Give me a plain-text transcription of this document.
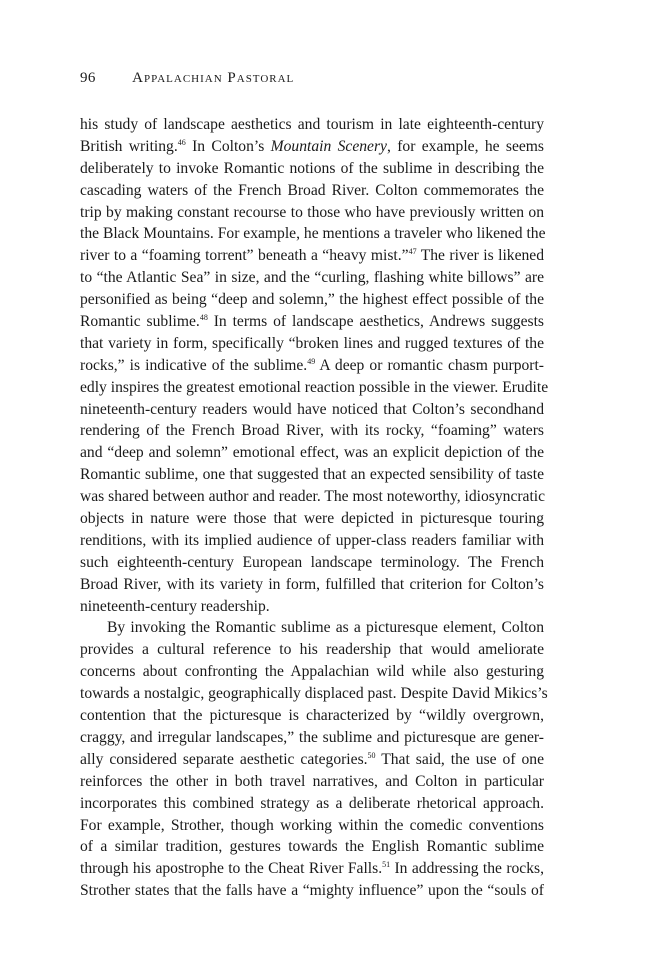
96 Appalachian Pastoral
his study of landscape aesthetics and tourism in late eighteenth-century
British writing.$^{46}$ In Colton’s Mountain Scenery, for example, he seems
deliberately to invoke Romantic notions of the sublime in describing the
cascading waters of the French Broad River. Colton commemorates the
trip by making constant recourse to those who have previously written on
the Black Mountains. For example, he mentions a traveler who likened the
river to a “foaming torrent” beneath a “heavy mist.”$^{47}$ The river is likened
to “the Atlantic Sea” in size, and the “curling, flashing white billows” are
personified as being “deep and solemn,” the highest effect possible of the
Romantic sublime.$^{48}$ In terms of landscape aesthetics, Andrews suggests
that variety in form, specifically “broken lines and rugged textures of the
rocks,” is indicative of the sublime.$^{49}$ A deep or romantic chasm purport-
edly inspires the greatest emotional reaction possible in the viewer. Erudite
nineteenth-century readers would have noticed that Colton’s secondhand
rendering of the French Broad River, with its rocky, “foaming” waters
and “deep and solemn” emotional effect, was an explicit depiction of the
Romantic sublime, one that suggested that an expected sensibility of taste
was shared between author and reader. The most noteworthy, idiosyncratic
objects in nature were those that were depicted in picturesque touring
renditions, with its implied audience of upper-class readers familiar with
such eighteenth-century European landscape terminology. The French
Broad River, with its variety in form, fulfilled that criterion for Colton’s
nineteenth-century readership.
By invoking the Romantic sublime as a picturesque element, Colton
provides a cultural reference to his readership that would ameliorate
concerns about confronting the Appalachian wild while also gesturing
towards a nostalgic, geographically displaced past. Despite David Mikics’s
contention that the picturesque is characterized by “wildly overgrown,
craggy, and irregular landscapes,” the sublime and picturesque are gener-
ally considered separate aesthetic categories.$^{50}$ That said, the use of one
reinforces the other in both travel narratives, and Colton in particular
incorporates this combined strategy as a deliberate rhetorical approach.
For example, Strother, though working within the comedic conventions
of a similar tradition, gestures towards the English Romantic sublime
through his apostrophe to the Cheat River Falls.$^{51}$ In addressing the rocks,
Strother states that the falls have a “mighty influence” upon the “souls of
